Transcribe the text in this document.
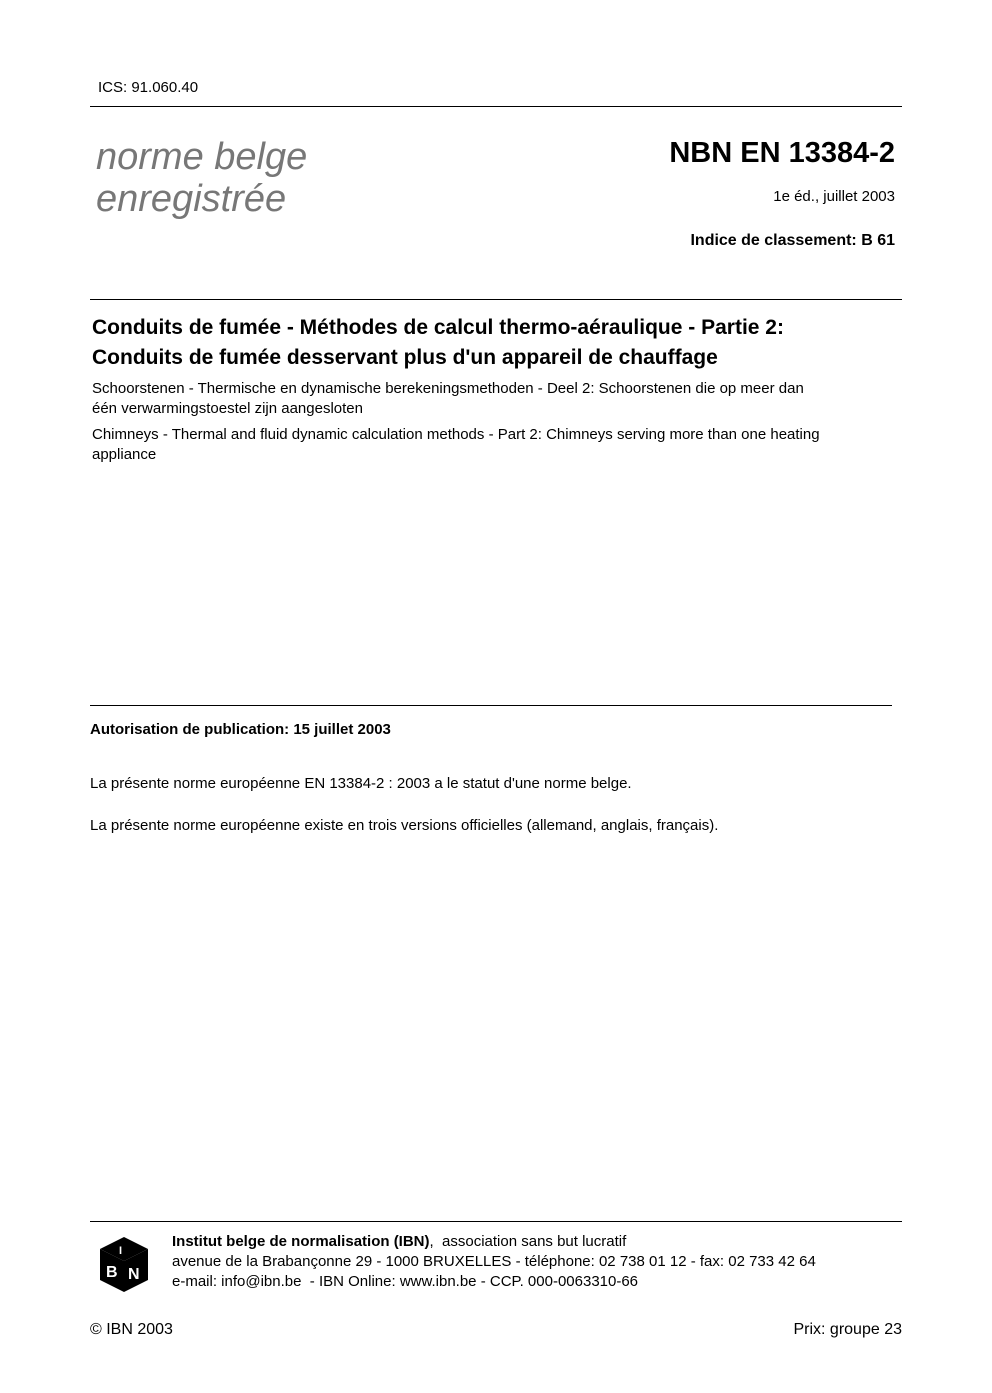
ICS: 91.060.40
norme belge
enregistrée
NBN EN 13384-2
1e éd., juillet 2003
Indice de classement: B 61
Conduits de fumée - Méthodes de calcul thermo-aéraulique - Partie 2:
Conduits de fumée desservant plus d'un appareil de chauffage
Schoorstenen - Thermische en dynamische berekeningsmethoden - Deel 2: Schoorstenen die op meer dan
één verwarmingstoestel zijn aangesloten
Chimneys - Thermal and fluid dynamic calculation methods - Part 2: Chimneys serving more than one heating
appliance
Autorisation de publication: 15 juillet 2003
La présente norme européenne EN 13384-2 : 2003 a le statut d'une norme belge.
La présente norme européenne existe en trois versions officielles (allemand, anglais, français).
B N
I
Institut belge de normalisation (IBN),  association sans but lucratif
avenue de la Brabançonne 29 - 1000 BRUXELLES - téléphone: 02 738 01 12 - fax: 02 733 42 64
e-mail: info@ibn.be  - IBN Online: www.ibn.be - CCP. 000-0063310-66
© IBN 2003	Prix: groupe 23
